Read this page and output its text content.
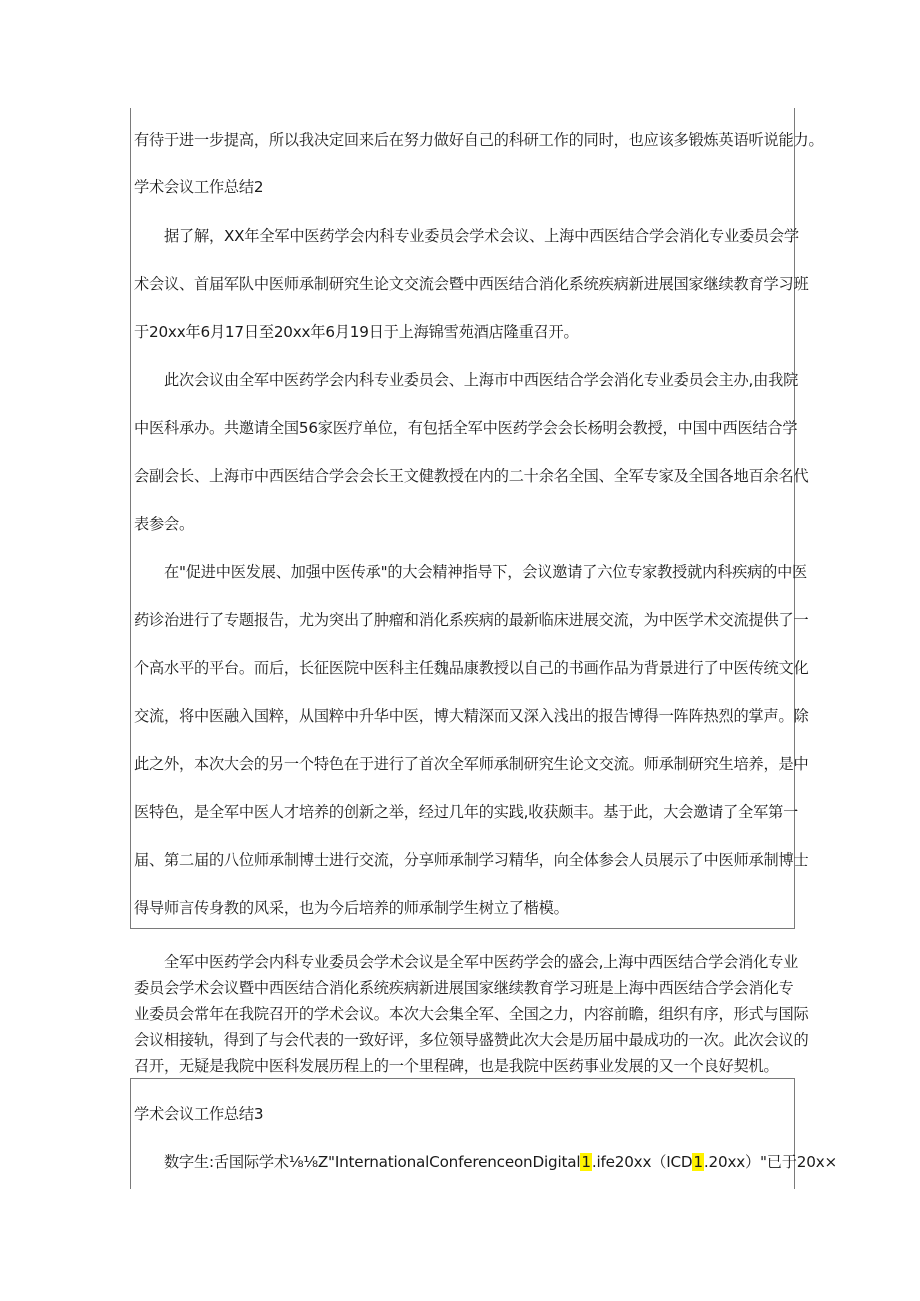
有待于进一步提高，所以我决定回来后在努力做好自己的科研工作的同时，也应该多锻炼英语听说能力。
学术会议工作总结2
据了解，XX年全军中医药学会内科专业委员会学术会议、上海中西医结合学会消化专业委员会学
术会议、首届军队中医师承制研究生论文交流会暨中西医结合消化系统疾病新进展国家继续教育学习班
于20xx年6月17日至20xx年6月19日于上海锦雪苑酒店隆重召开。
此次会议由全军中医药学会内科专业委员会、上海市中西医结合学会消化专业委员会主办,由我院
中医科承办。共邀请全国56家医疗单位，有包括全军中医药学会会长杨明会教授，中国中西医结合学
会副会长、上海市中西医结合学会会长王文健教授在内的二十余名全国、全军专家及全国各地百余名代
表参会。
在"促进中医发展、加强中医传承"的大会精神指导下，会议邀请了六位专家教授就内科疾病的中医
药诊治进行了专题报告，尤为突出了肿瘤和消化系疾病的最新临床进展交流，为中医学术交流提供了一
个高水平的平台。而后，长征医院中医科主任魏品康教授以自己的书画作品为背景进行了中医传统文化
交流，将中医融入国粹，从国粹中升华中医，博大精深而又深入浅出的报告博得一阵阵热烈的掌声。除
此之外，本次大会的另一个特色在于进行了首次全军师承制研究生论文交流。师承制研究生培养，是中
医特色，是全军中医人才培养的创新之举，经过几年的实践,收获颇丰。基于此，大会邀请了全军第一
届、第二届的八位师承制博士进行交流，分享师承制学习精华，向全体参会人员展示了中医师承制博士
得导师言传身教的风采，也为今后培养的师承制学生树立了楷模。
全军中医药学会内科专业委员会学术会议是全军中医药学会的盛会,上海中西医结合学会消化专业
委员会学术会议暨中西医结合消化系统疾病新进展国家继续教育学习班是上海中西医结合学会消化专
业委员会常年在我院召开的学术会议。本次大会集全军、全国之力，内容前瞻，组织有序，形式与国际
会议相接轨，得到了与会代表的一致好评，多位领导盛赞此次大会是历届中最成功的一次。此次会议的
召开，无疑是我院中医科发展历程上的一个里程碑，也是我院中医药事业发展的又一个良好契机。
学术会议工作总结3
数字生:舌国际学术⅛⅛Z"InternationalConferenceonDigital1.ife20xx（ICD1.20xx）"已于20x×
